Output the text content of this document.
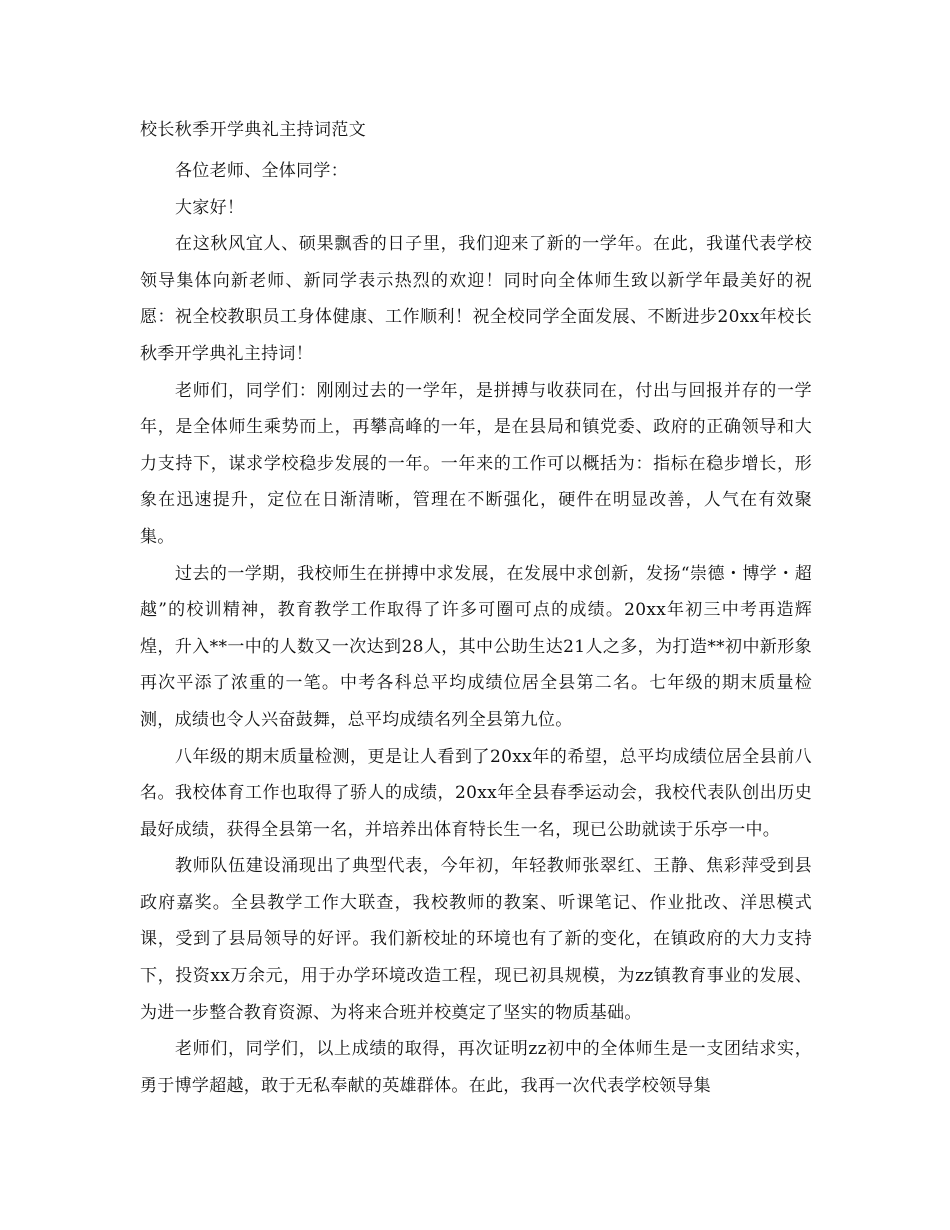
校长秋季开学典礼主持词范文

各位老师、全体同学：

大家好！

在这秋风宜人、硕果飘香的日子里，我们迎来了新的一学年。在此，我谨代表学校领导集体向新老师、新同学表示热烈的欢迎！同时向全体师生致以新学年最美好的祝愿：祝全校教职员工身体健康、工作顺利！祝全校同学全面发展、不断进步20xx年校长秋季开学典礼主持词！

老师们，同学们：刚刚过去的一学年，是拼搏与收获同在，付出与回报并存的一学年，是全体师生乘势而上，再攀高峰的一年，是在县局和镇党委、政府的正确领导和大力支持下，谋求学校稳步发展的一年。一年来的工作可以概括为：指标在稳步增长，形象在迅速提升，定位在日渐清晰，管理在不断强化，硬件在明显改善，人气在有效聚集。

过去的一学期，我校师生在拼搏中求发展，在发展中求创新，发扬“崇德・博学・超越”的校训精神，教育教学工作取得了许多可圈可点的成绩。20xx年初三中考再造辉煌，升入**一中的人数又一次达到28人，其中公助生达21人之多，为打造**初中新形象再次平添了浓重的一笔。中考各科总平均成绩位居全县第二名。七年级的期末质量检测，成绩也令人兴奋鼓舞，总平均成绩名列全县第九位。

八年级的期末质量检测，更是让人看到了20xx年的希望，总平均成绩位居全县前八名。我校体育工作也取得了骄人的成绩，20xx年全县春季运动会，我校代表队创出历史最好成绩，获得全县第一名，并培养出体育特长生一名，现已公助就读于乐亭一中。

教师队伍建设涌现出了典型代表，今年初，年轻教师张翠红、王静、焦彩萍受到县政府嘉奖。全县教学工作大联查，我校教师的教案、听课笔记、作业批改、洋思模式课，受到了县局领导的好评。我们新校址的环境也有了新的变化，在镇政府的大力支持下，投资xx万余元，用于办学环境改造工程，现已初具规模，为zz镇教育事业的发展、为进一步整合教育资源、为将来合班并校奠定了坚实的物质基础。

老师们，同学们，以上成绩的取得，再次证明zz初中的全体师生是一支团结求实，勇于博学超越，敢于无私奉献的英雄群体。在此，我再一次代表学校领导集
